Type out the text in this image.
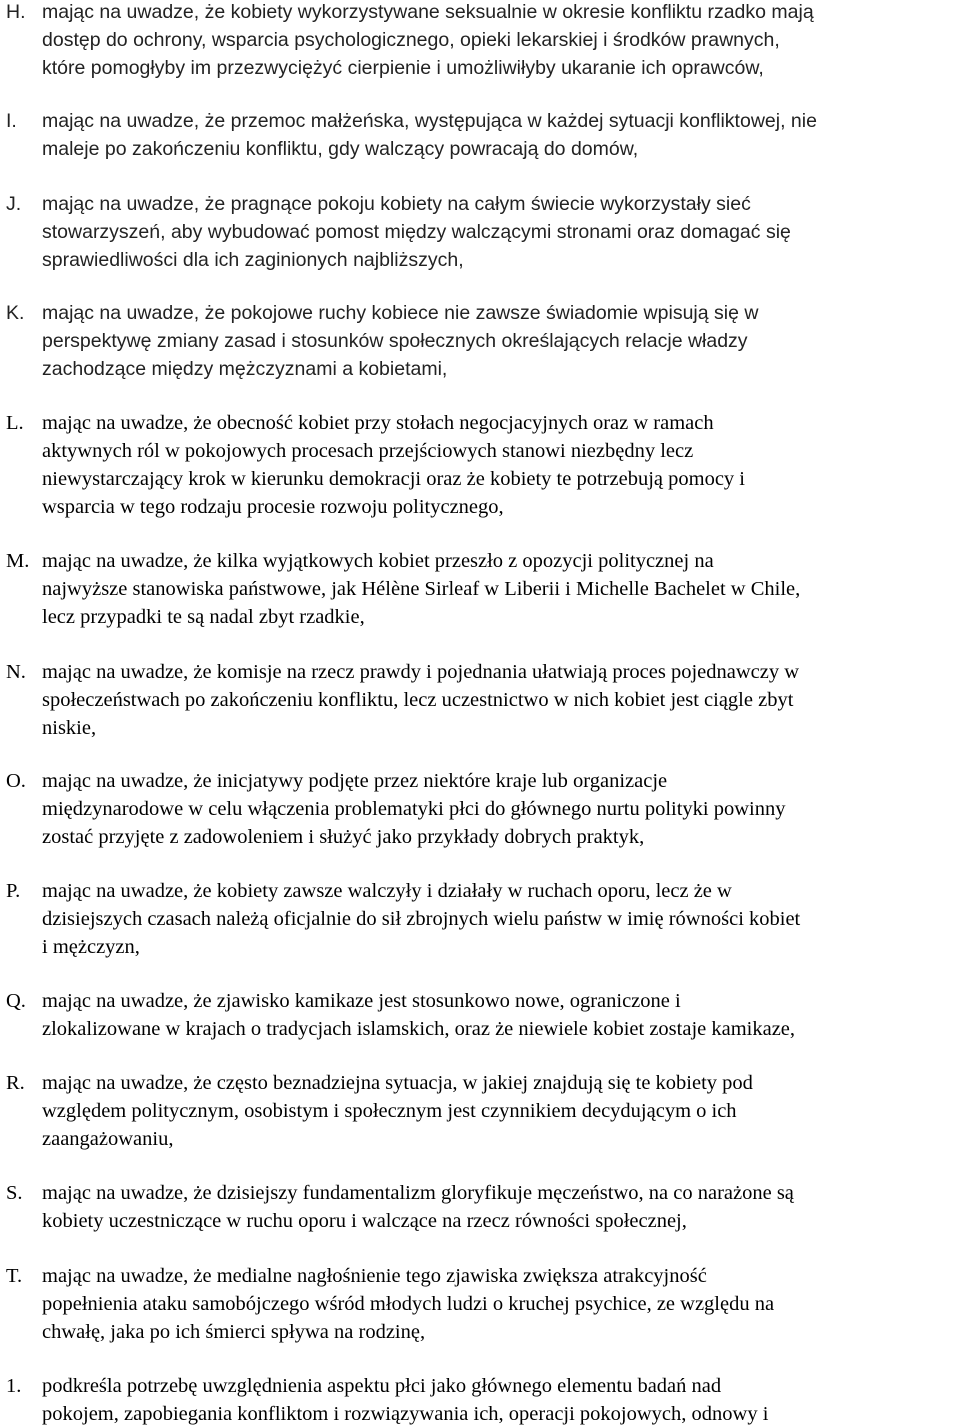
H. mając na uwadze, że kobiety wykorzystywane seksualnie w okresie konfliktu rzadko mają
dostęp do ochrony, wsparcia psychologicznego, opieki lekarskiej i środków prawnych,
które pomogłyby im przezwyciężyć cierpienie i umożliwiłyby ukaranie ich oprawców,
I.	mając na uwadze, że przemoc małżeńska, występująca w każdej sytuacji konfliktowej, nie
maleje po zakończeniu konfliktu, gdy walczący powracają do domów,
J.	mając na uwadze, że pragnące pokoju kobiety na całym świecie wykorzystały sieć
stowarzyszeń, aby wybudować pomost między walczącymi stronami oraz domagać się
sprawiedliwości dla ich zaginionych najbliższych,
K. mając na uwadze, że pokojowe ruchy kobiece nie zawsze świadomie wpisują się w
perspektywę zmiany zasad i stosunków społecznych określających relacje władzy
zachodzące między mężczyznami a kobietami,
L. mając na uwadze, że obecność kobiet przy stołach negocjacyjnych oraz w ramach
aktywnych ról w pokojowych procesach przejściowych stanowi niezbędny lecz
niewystarczający krok w kierunku demokracji oraz że kobiety te potrzebują pomocy i
wsparcia w tego rodzaju procesie rozwoju politycznego,
M. mając na uwadze, że kilka wyjątkowych kobiet przeszło z opozycji politycznej na
najwyższe stanowiska państwowe, jak Hélène Sirleaf w Liberii i Michelle Bachelet w Chile,
lecz przypadki te są nadal zbyt rzadkie,
N. mając na uwadze, że komisje na rzecz prawdy i pojednania ułatwiają proces pojednawczy w
społeczeństwach po zakończeniu konfliktu, lecz uczestnictwo w nich kobiet jest ciągle zbyt
niskie,
O. mając na uwadze, że inicjatywy podjęte przez niektóre kraje lub organizacje
międzynarodowe w celu włączenia problematyki płci do głównego nurtu polityki powinny
zostać przyjęte z zadowoleniem i służyć jako przykłady dobrych praktyk,
P.	mając na uwadze, że kobiety zawsze walczyły i działały w ruchach oporu, lecz że w
dzisiejszych czasach należą oficjalnie do sił zbrojnych wielu państw w imię równości kobiet
i mężczyzn,
Q. mając na uwadze, że zjawisko kamikaze jest stosunkowo nowe, ograniczone i
zlokalizowane w krajach o tradycjach islamskich, oraz że niewiele kobiet zostaje kamikaze,
R. mając na uwadze, że często beznadziejna sytuacja, w jakiej znajdują się te kobiety pod
względem politycznym, osobistym i społecznym jest czynnikiem decydującym o ich
zaangażowaniu,
S. mając na uwadze, że dzisiejszy fundamentalizm gloryfikuje męczeństwo, na co narażone są
kobiety uczestniczące w ruchu oporu i walczące na rzecz równości społecznej,
T. mając na uwadze, że medialne nagłośnienie tego zjawiska zwiększa atrakcyjność
popełnienia ataku samobójczego wśród młodych ludzi o kruchej psychice, ze względu na
chwałę, jaka po ich śmierci spływa na rodzinę,
1.	podkreśla potrzebę uwzględnienia aspektu płci jako głównego elementu badań nad
pokojem, zapobiegania konfliktom i rozwiązywania ich, operacji pokojowych, odnowy i
